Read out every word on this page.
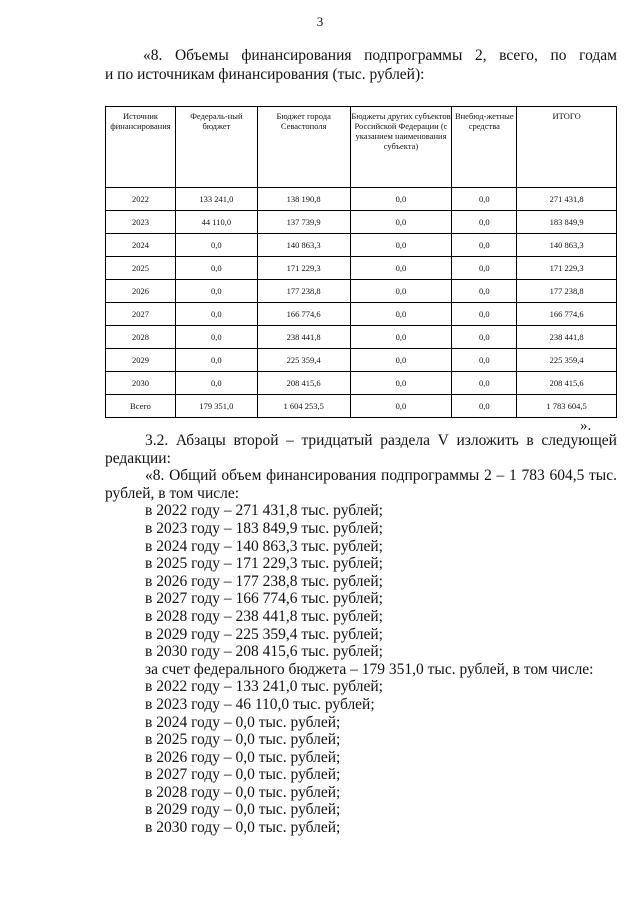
3
«8. Объемы финансирования подпрограммы 2, всего, по годам
и по источникам финансирования (тыс. рублей):
Источник финансирования	Федераль-ный бюджет	Бюджет города Севастополя	Бюджеты других субъектов Российской Федерации (с указанием наименования субъекта)	Внебюд-жетные средства	ИТОГО
2022	133 241,0	138 190,8	0,0	0,0	271 431,8
2023	44 110,0	137 739,9	0,0	0,0	183 849,9
2024	0,0	140 863,3	0,0	0,0	140 863,3
2025	0,0	171 229,3	0,0	0,0	171 229,3
2026	0,0	177 238,8	0,0	0,0	177 238,8
2027	0,0	166 774,6	0,0	0,0	166 774,6
2028	0,0	238 441,8	0,0	0,0	238 441,8
2029	0,0	225 359,4	0,0	0,0	225 359,4
2030	0,0	208 415,6	0,0	0,0	208 415,6
Всего	179 351,0	1 604 253,5	0,0	0,0	1 783 604,5
».
3.2. Абзацы второй – тридцатый раздела V изложить в следующей

редакции:

«8. Общий объем финансирования подпрограммы 2 – 1 783 604,5 тыс.

рублей, в том числе:

в 2022 году – 271 431,8 тыс. рублей;

в 2023 году – 183 849,9 тыс. рублей;

в 2024 году – 140 863,3 тыс. рублей;

в 2025 году – 171 229,3 тыс. рублей;

в 2026 году – 177 238,8 тыс. рублей;

в 2027 году – 166 774,6 тыс. рублей;

в 2028 году – 238 441,8 тыс. рублей;

в 2029 году – 225 359,4 тыс. рублей;

в 2030 году – 208 415,6 тыс. рублей;

за счет федерального бюджета – 179 351,0 тыс. рублей, в том числе:

в 2022 году – 133 241,0 тыс. рублей;

в 2023 году – 46 110,0 тыс. рублей;

в 2024 году – 0,0 тыс. рублей;

в 2025 году – 0,0 тыс. рублей;

в 2026 году – 0,0 тыс. рублей;

в 2027 году – 0,0 тыс. рублей;

в 2028 году – 0,0 тыс. рублей;

в 2029 году – 0,0 тыс. рублей;

в 2030 году – 0,0 тыс. рублей;
